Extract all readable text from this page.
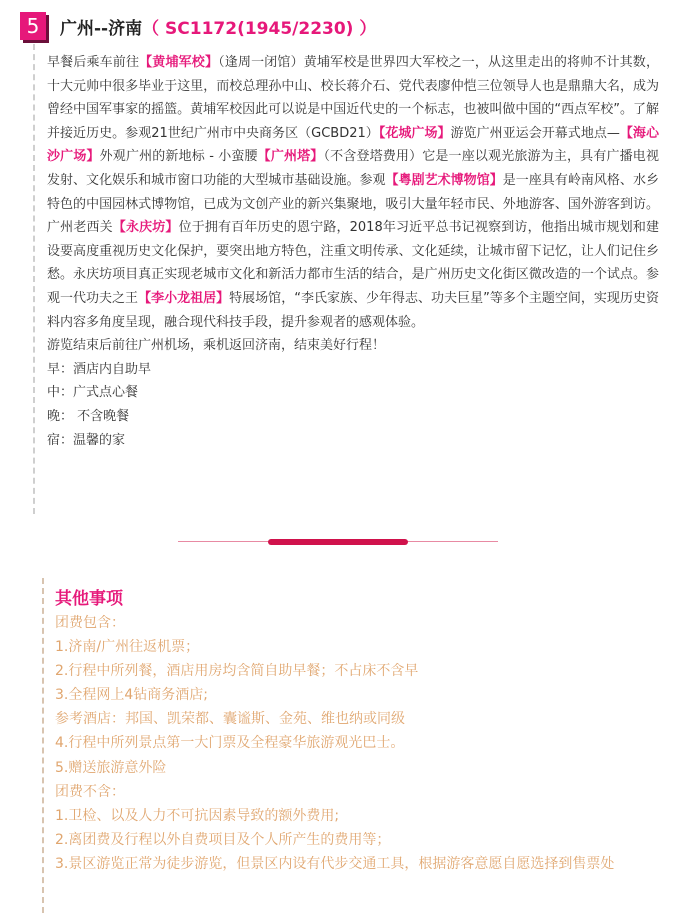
5	广州--济南（ SC1172(1945/2230) ）

早餐后乘车前往【黄埔军校】（逢周一闭馆）黄埔军校是世界四大军校之一，从这里走出的将帅不计其数，十大元帅中很多毕业于这里，而校总理孙中山、校长蒋介石、党代表廖仲恺三位领导人也是鼎鼎大名，成为曾经中国军事家的摇篮。黄埔军校因此可以说是中国近代史的一个标志，也被叫做中国的“西点军校”。了解并接近历史。参观21世纪广州市中央商务区（GCBD21）【花城广场】游览广州亚运会开幕式地点—【海心沙广场】外观广州的新地标 - 小蛮腰【广州塔】（不含登塔费用）它是一座以观光旅游为主，具有广播电视发射、文化娱乐和城市窗口功能的大型城市基础设施。参观【粤剧艺术博物馆】是一座具有岭南风格、水乡特色的中国园林式博物馆，已成为文创产业的新兴集聚地，吸引大量年轻市民、外地游客、国外游客到访。广州老西关【永庆坊】位于拥有百年历史的恩宁路，2018年习近平总书记视察到访，他指出城市规划和建设要高度重视历史文化保护，要突出地方特色，注重文明传承、文化延续，让城市留下记忆，让人们记住乡愁。永庆坊项目真正实现老城市文化和新活力都市生活的结合，是广州历史文化街区微改造的一个试点。参观一代功夫之王【李小龙祖居】特展场馆，“李氏家族、少年得志、功夫巨星”等多个主题空间，实现历史资料内容多角度呈现，融合现代科技手段，提升参观者的感观体验。

游览结束后前往广州机场，乘机返回济南，结束美好行程！

早：酒店内自助早

中：广式点心餐

晚： 不含晚餐

宿：温馨的家

其他事项

团费包含：

1.济南/广州往返机票；

2.行程中所列餐，酒店用房均含简自助早餐；不占床不含早

3.全程网上4钻商务酒店;

参考酒店：邦国、凯荣都、囊谧斯、金苑、维也纳或同级

4.行程中所列景点第一大门票及全程豪华旅游观光巴士。

5.赠送旅游意外险

团费不含：

1.卫检、以及人力不可抗因素导致的额外费用;

2.离团费及行程以外自费项目及个人所产生的费用等；

3.景区游览正常为徒步游览，但景区内设有代步交通工具，根据游客意愿自愿选择到售票处
